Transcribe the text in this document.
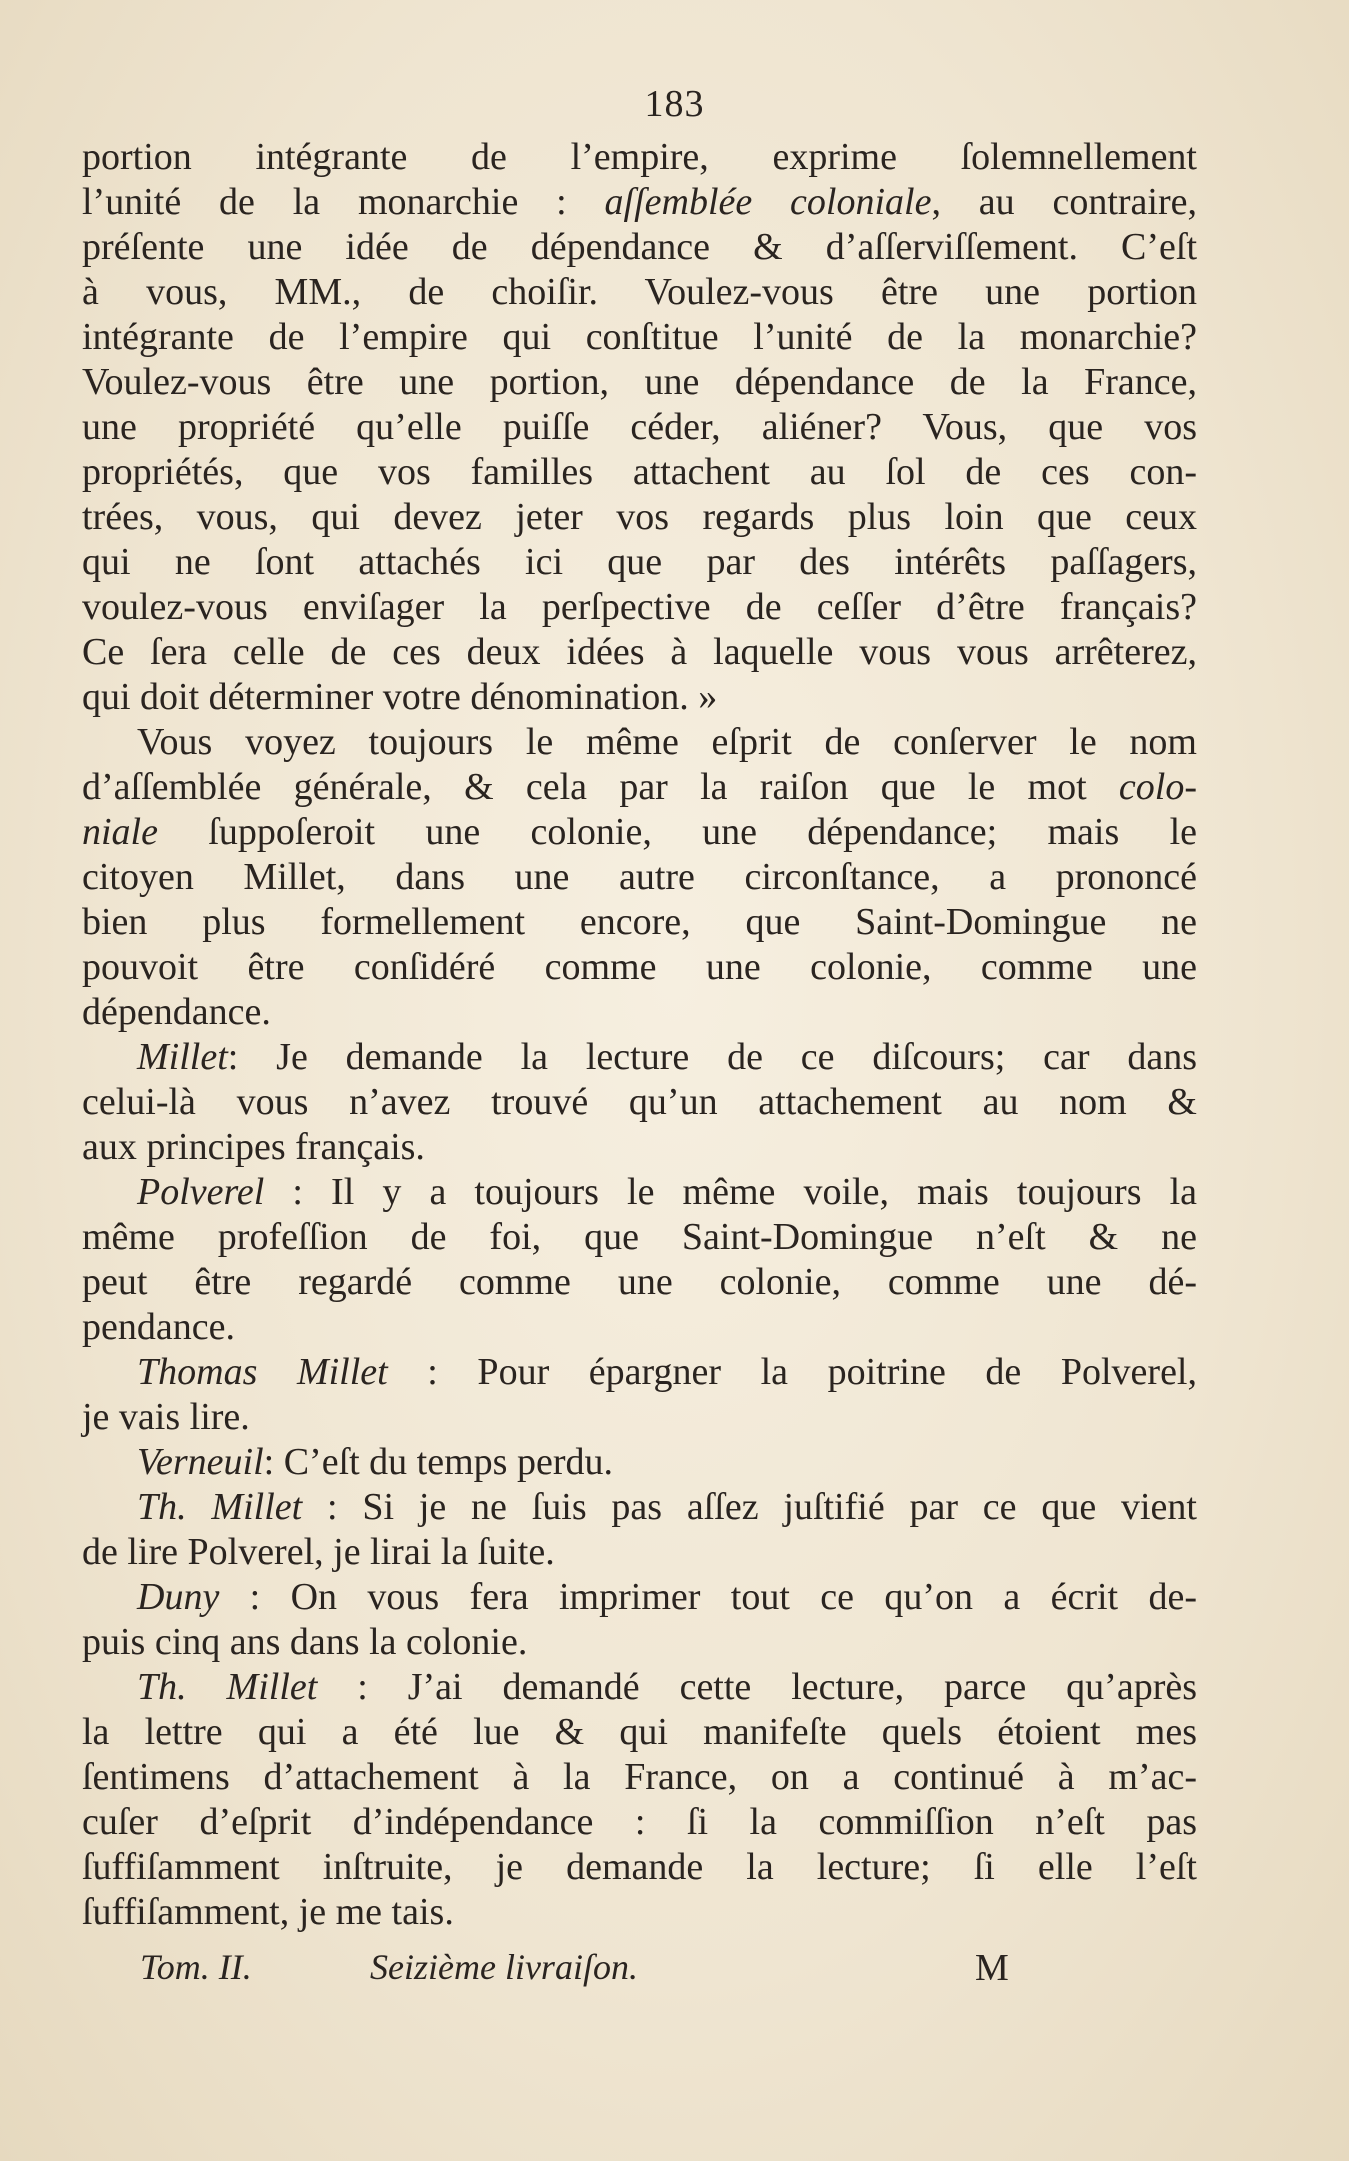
183
portion intégrante de l’empire, exprime ſolemnellement
l’unité de la monarchie : aſſemblée coloniale, au contraire,
préſente une idée de dépendance & d’aſſerviſſement. C’eſt
à vous, MM., de choiſir. Voulez-vous être une portion
intégrante de l’empire qui conſtitue l’unité de la monarchie?
Voulez-vous être une portion, une dépendance de la France,
une propriété qu’elle puiſſe céder, aliéner? Vous, que vos
propriétés, que vos familles attachent au ſol de ces con-
trées, vous, qui devez jeter vos regards plus loin que ceux
qui ne ſont attachés ici que par des intérêts paſſagers,
voulez-vous enviſager la perſpective de ceſſer d’être français?
Ce ſera celle de ces deux idées à laquelle vous vous arrêterez,
qui doit déterminer votre dénomination. »
Vous voyez toujours le même eſprit de conſerver le nom
d’aſſemblée générale, & cela par la raiſon que le mot colo-
niale ſuppoſeroit une colonie, une dépendance; mais le
citoyen Millet, dans une autre circonſtance, a prononcé
bien plus formellement encore, que Saint-Domingue ne
pouvoit être conſidéré comme une colonie, comme une
dépendance.
Millet: Je demande la lecture de ce diſcours; car dans
celui-là vous n’avez trouvé qu’un attachement au nom &
aux principes français.
Polverel : Il y a toujours le même voile, mais toujours la
même profeſſion de foi, que Saint-Domingue n’eſt & ne
peut être regardé comme une colonie, comme une dé-
pendance.
Thomas Millet : Pour épargner la poitrine de Polverel,
je vais lire.
Verneuil: C’eſt du temps perdu.
Th. Millet : Si je ne ſuis pas aſſez juſtifié par ce que vient
de lire Polverel, je lirai la ſuite.
Duny : On vous fera imprimer tout ce qu’on a écrit de-
puis cinq ans dans la colonie.
Th. Millet : J’ai demandé cette lecture, parce qu’après
la lettre qui a été lue & qui manifeſte quels étoient mes
ſentimens d’attachement à la France, on a continué à m’ac-
cuſer d’eſprit d’indépendance : ſi la commiſſion n’eſt pas
ſuffiſamment inſtruite, je demande la lecture; ſi elle l’eſt
ſuffiſamment, je me tais.
Tom. II.	Seizième livraiſon.	M
